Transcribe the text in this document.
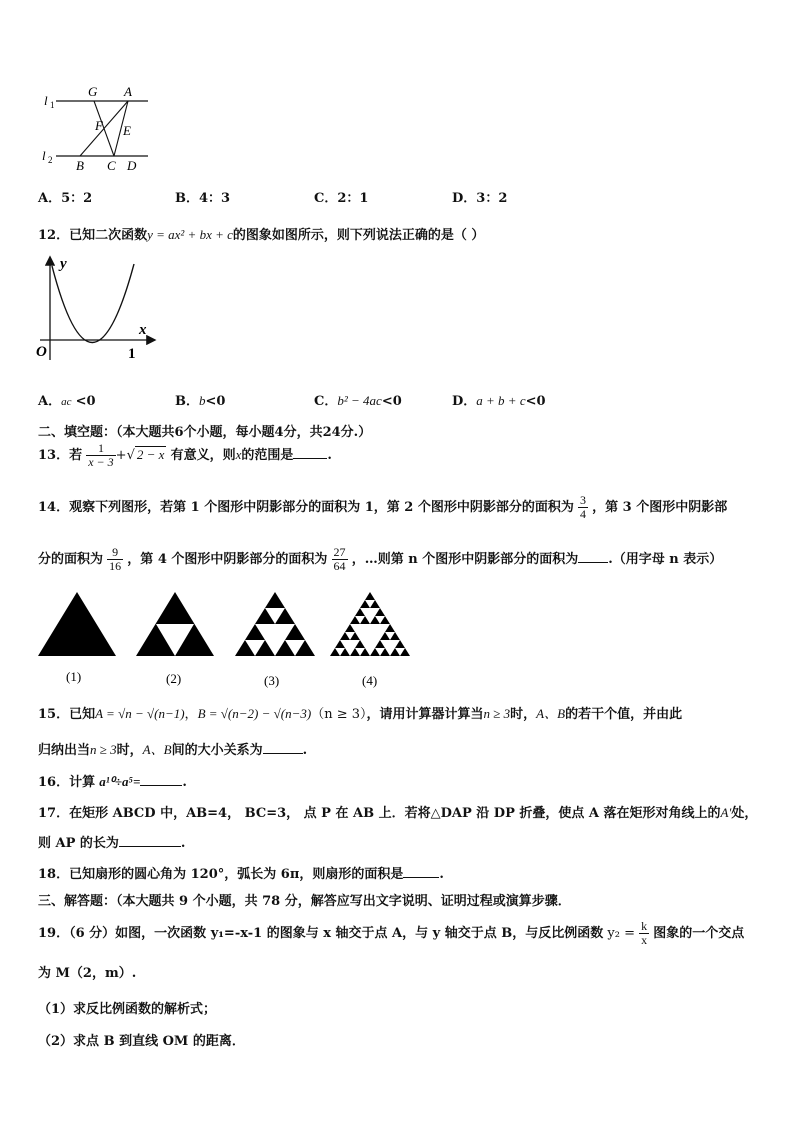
l 1
l 2
G A
F E
B C D
A．5：2	B．4：3	C．2：1	D．3：2
12．已知二次函数y = ax² + bx + c的图象如图所示，则下列说法正确的是（ ）
y
x
O	1
A．ac <0	B．b<0	C．b² − 4ac<0	D．a + b + c<0
二、填空题：（本大题共6个小题，每小题4分，共24分.）
13．若 $\frac{1}{x - 3}$ +√ 2 − x 有意义，则x的范围是	.
14．观察下列图形，若第 1 个图形中阴影部分的面积为 1，第 2 个图形中阴影部分的面积为 $\frac{3}{4}$ ，第 3 个图形中阴影部
分的面积为 $\frac{9}{16}$ ，第 4 个图形中阴影部分的面积为 $\frac{27}{64}$ ，…则第 n 个图形中阴影部分的面积为 .（用字母 n 表示）
(1)	(2)	(3)	(4)
15．已知A = √n − √(n−1)，B = √(n−2) − √(n−3)（n ≥ 3），请用计算器计算当n ≥ 3时，A、B的若干个值，并由此
归纳出当n ≥ 3时，A、B间的大小关系为	.
16．计算 a¹⁰÷a⁵=	.
17．在矩形 ABCD 中，AB=4， BC=3， 点 P 在 AB 上．若将△DAP 沿 DP 折叠，使点 A 落在矩形对角线上的A′处，
则 AP 的长为	.
18．已知扇形的圆心角为 120°，弧长为 6π，则扇形的面积是	.
三、解答题：（本大题共 9 个小题，共 78 分，解答应写出文字说明、证明过程或演算步骤．
19．（6 分）如图，一次函数 y₁=-x-1 的图象与 x 轴交于点 A，与 y 轴交于点 B，与反比例函数 $y_2 = \frac{k}{x}$ 图象的一个交点
为 M（2，m）.
（1）求反比例函数的解析式；
（2）求点 B 到直线 OM 的距离．
